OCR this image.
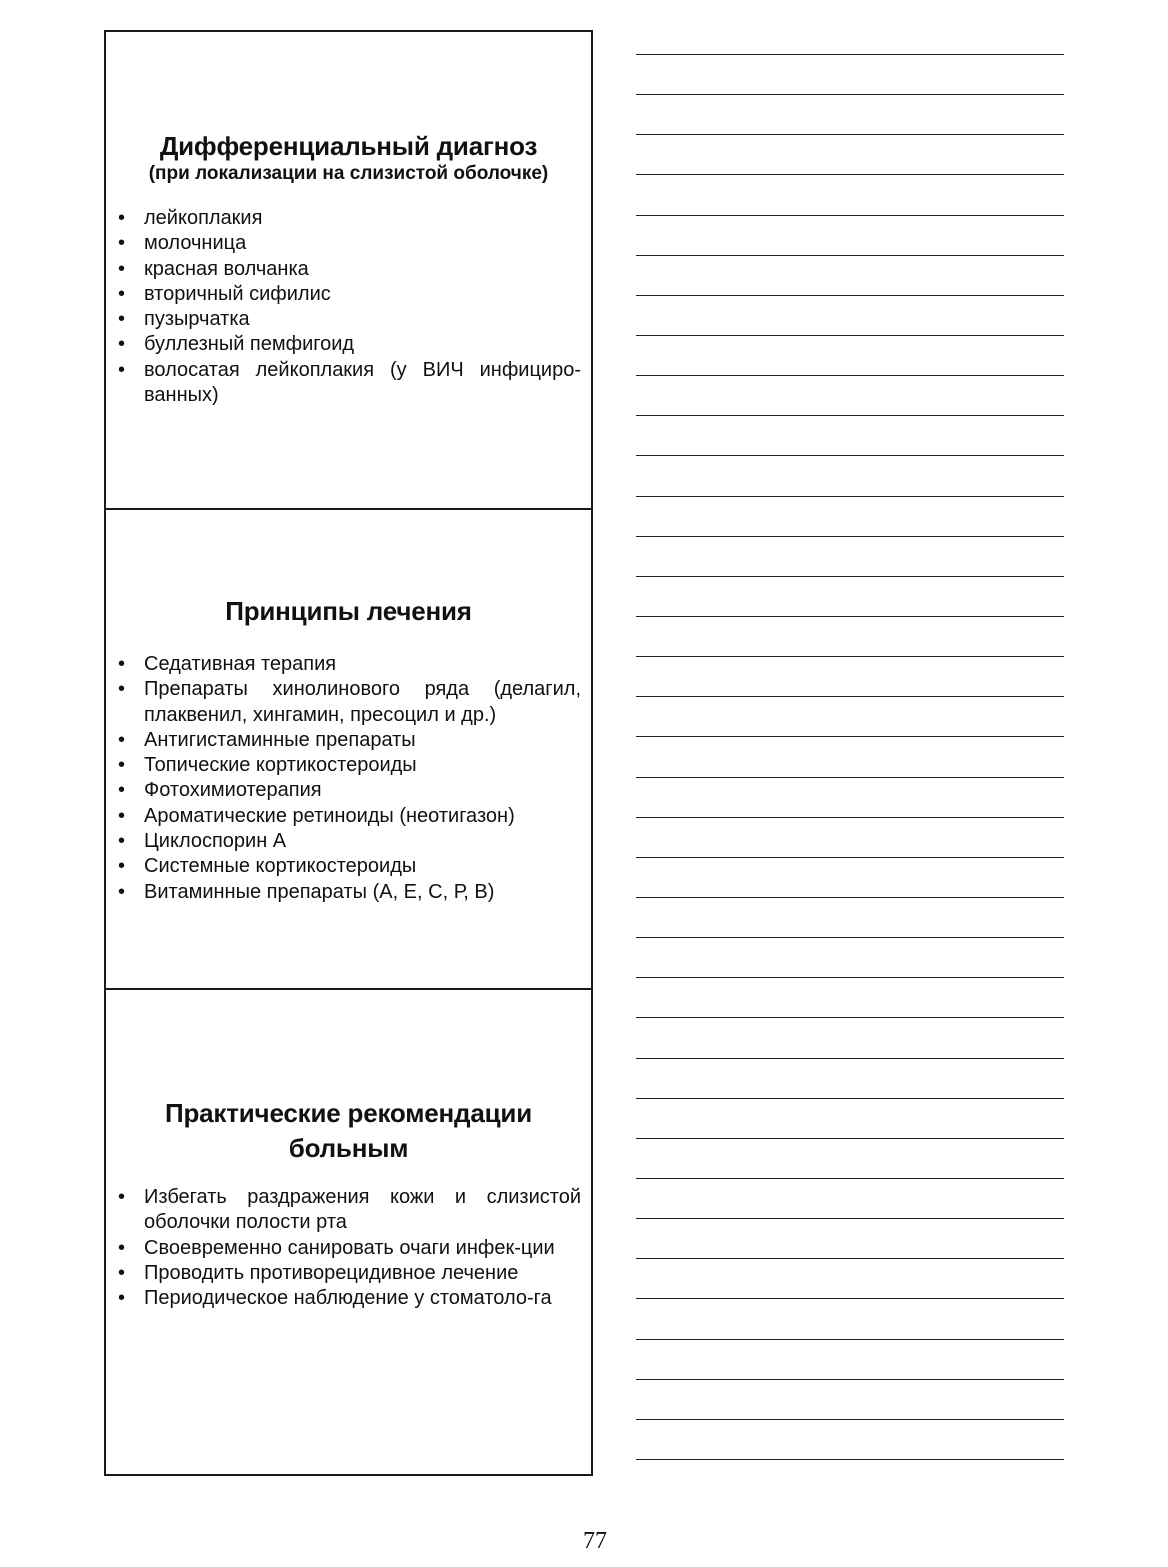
Дифференциальный диагноз
(при локализации на слизистой оболочке)
• лейкоплакия
• молочница
• красная волчанка
• вторичный сифилис
• пузырчатка
• буллезный пемфигоид
• волосатая лейкоплакия (у ВИЧ инфициро-ванных)
Принципы лечения
• Седативная терапия
• Препараты хинолинового ряда (делагил, плаквенил, хингамин, пресоцил и др.)
• Антигистаминные препараты
• Топические кортикостероиды
• Фотохимиотерапия
• Ароматические ретиноиды (неотигазон)
• Циклоспорин А
• Системные кортикостероиды
• Витаминные препараты (А, Е, С, Р, В)
Практические рекомендации
больным
• Избегать раздражения кожи и слизистой оболочки полости рта
• Своевременно санировать очаги инфек-ции
• Проводить противорецидивное лечение
• Периодическое наблюдение у стоматоло-га
77
